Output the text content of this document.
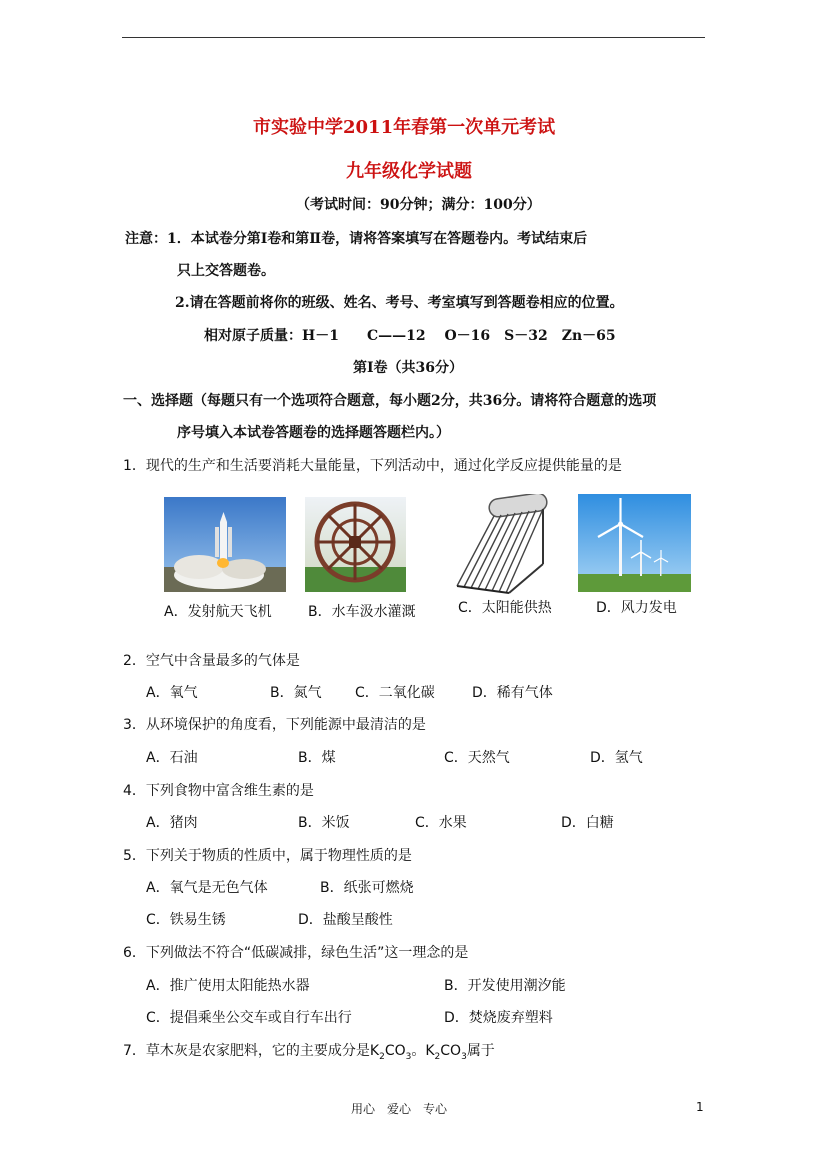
市实验中学2011年春第一次单元考试
九年级化学试题
（考试时间：90分钟；满分：100分）
注意：1．本试卷分第Ⅰ卷和第Ⅱ卷，请将答案填写在答题卷内。考试结束后
只上交答题卷。
2.请在答题前将你的班级、姓名、考号、考室填写到答题卷相应的位置。
相对原子质量：H－1　　C——12　 O－16　S－32　Zn－65
第Ⅰ卷（共36分）
一、选择题（每题只有一个选项符合题意，每小题2分，共36分。请将符合题意的选项
序号填入本试卷答题卷的选择题答题栏内。）
1．现代的生产和生活要消耗大量能量，下列活动中，通过化学反应提供能量的是
A．发射航天飞机	B．水车汲水灌溉	C．太阳能供热	D．风力发电
2．空气中含量最多的气体是
A．氧气	B．氮气 C．二氧化碳	D．稀有气体
3．从环境保护的角度看，下列能源中最清洁的是
A．石油	B．煤	C．天然气	D．氢气
4．下列食物中富含维生素的是
A．猪肉	B．米饭	C．水果	D．白糖
5．下列关于物质的性质中，属于物理性质的是
A．氧气是无色气体	B．纸张可燃烧
C．铁易生锈	D．盐酸呈酸性
6．下列做法不符合“低碳减排，绿色生活”这一理念的是
A．推广使用太阳能热水器	B．开发使用潮汐能
C．提倡乘坐公交车或自行车出行	D．焚烧废弃塑料
7．草木灰是农家肥料，它的主要成分是$K_2CO_3$。$K_2CO_3$属于
用心　爱心　专心	1
